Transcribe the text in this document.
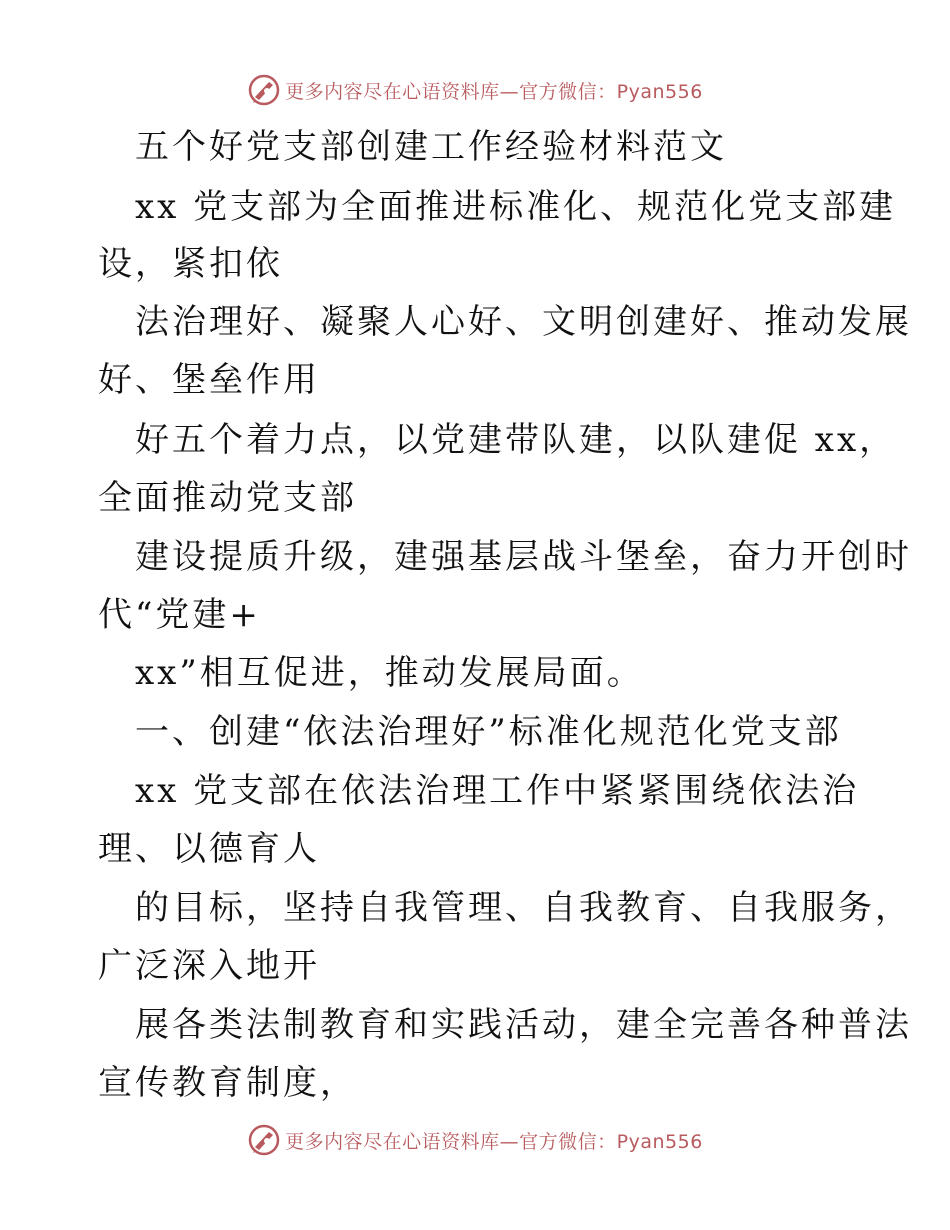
更多内容尽在心语资料库—官方微信：Pyan556
五个好党支部创建工作经验材料范文
xx 党支部为全面推进标准化、规范化党支部建
设，紧扣依
法治理好、凝聚人心好、文明创建好、推动发展
好、堡垒作用
好五个着力点，以党建带队建，以队建促 xx，
全面推动党支部
建设提质升级，建强基层战斗堡垒，奋力开创时
代“党建+
xx”相互促进，推动发展局面。
一、创建“依法治理好”标准化规范化党支部
xx 党支部在依法治理工作中紧紧围绕依法治
理、以德育人
的目标，坚持自我管理、自我教育、自我服务，
广泛深入地开
展各类法制教育和实践活动，建全完善各种普法
宣传教育制度，
更多内容尽在心语资料库—官方微信：Pyan556
